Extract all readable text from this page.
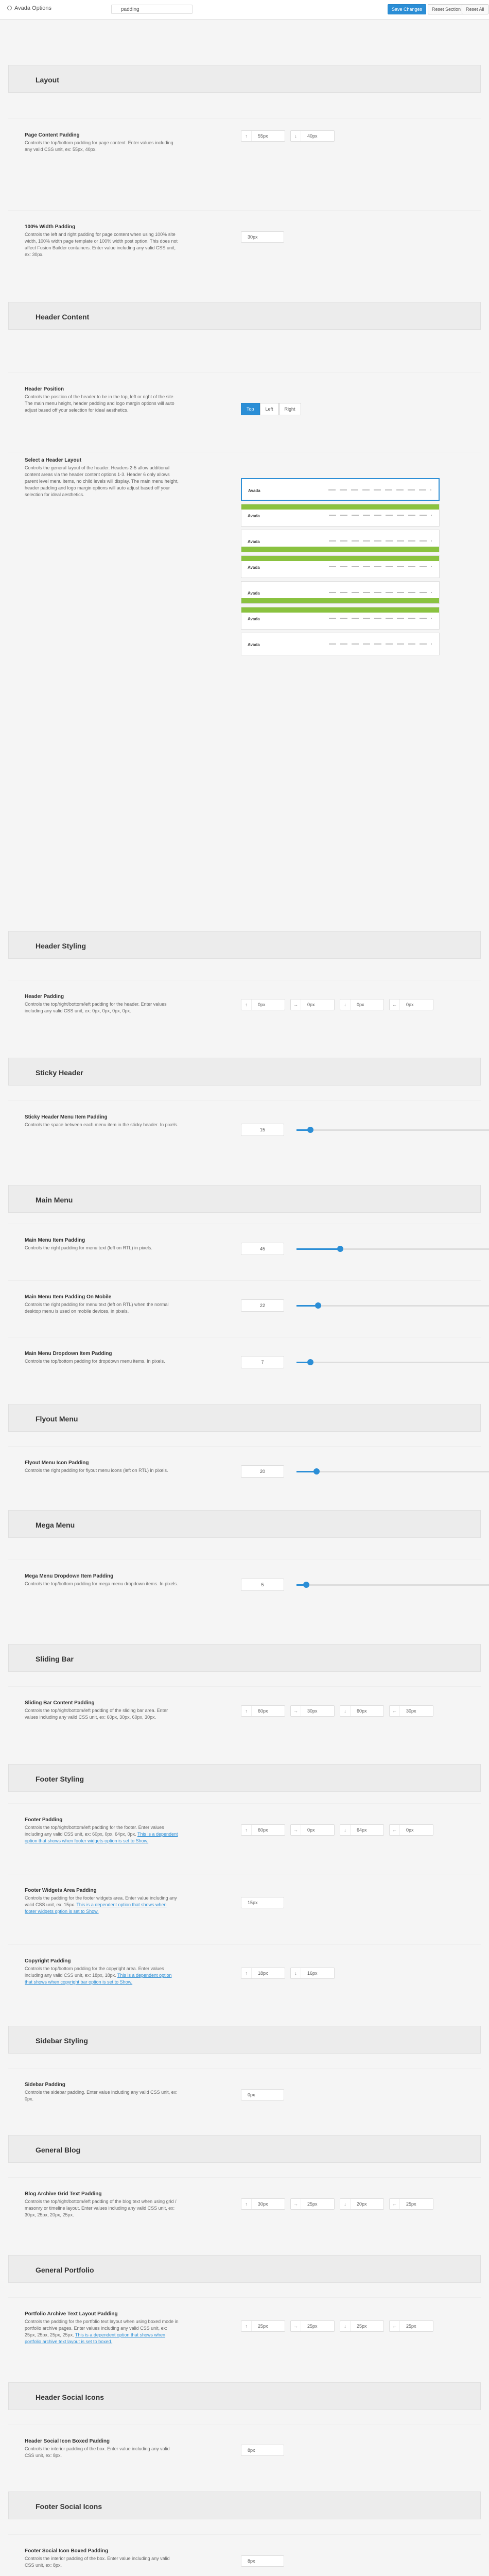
Avada Options
padding	Save Changes	Reset Section	Reset All
Layout
Page Content Padding
Controls the top/bottom padding for page content. Enter values including any valid CSS unit, ex: 55px, 40px.
↑	55px	↓	40px
100% Width Padding
Controls the left and right padding for page content when using 100% site width, 100% width page template or 100% width post option. This does not affect Fusion Builder containers. Enter value including any valid CSS unit, ex: 30px.
30px
Header Content
Header Position
Controls the position of the header to be in the top, left or right of the site. The main menu height, header padding and logo margin options will auto adjust based off your selection for ideal aesthetics.	Top	Left	Right
Select a Header Layout
Controls the general layout of the header. Headers 2-5 allow additional content areas via the header content options 1-3. Header 6 only allows parent level menu items, no child levels will display. The main menu height, header padding and logo margin options will auto adjust based off your selection for ideal aesthetics.
Avada
Avada
Avada
Avada
Avada
Avada
Avada
Header Styling
Header Padding
Controls the top/right/bottom/left padding for the header. Enter values including any valid CSS unit, ex: 0px, 0px, 0px, 0px.
↑	0px	→	0px	↓	0px	←	0px
Sticky Header
Sticky Header Menu Item Padding
Controls the space between each menu item in the sticky header. In pixels.
15
Main Menu
Main Menu Item Padding
Controls the right padding for menu text (left on RTL) in pixels.	45
Main Menu Item Padding On Mobile
Controls the right padding for menu text (left on RTL) when the normal desktop menu is used on mobile devices, in pixels.
22
Main Menu Dropdown Item Padding
Controls the top/bottom padding for dropdown menu items. In pixels.	7
Flyout Menu
Flyout Menu Icon Padding
Controls the right padding for flyout menu icons (left on RTL) in pixels.	20
Mega Menu
Mega Menu Dropdown Item Padding
Controls the top/bottom padding for mega menu dropdown items. In pixels.	5
Sliding Bar
Sliding Bar Content Padding
Controls the top/right/bottom/left padding of the sliding bar area. Enter values including any valid CSS unit, ex: 60px, 30px, 60px, 30px.
↑	60px	→	30px	↓	60px	←	30px
Footer Styling
Footer Padding
Controls the top/right/bottom/left padding for the footer. Enter values including any valid CSS unit, ex: 60px, 0px, 64px, 0px. This is a dependent option that shows when footer widgets option is set to Show.
↑	60px	→	0px	↓	64px	←	0px
Footer Widgets Area Padding
Controls the padding for the footer widgets area. Enter value including any valid CSS unit, ex: 15px. This is a dependent option that shows when footer widgets option is set to Show.
15px
Copyright Padding
Controls the top/bottom padding for the copyright area. Enter values including any valid CSS unit, ex: 18px, 18px. This is a dependent option that shows when copyright bar option is set to Show.
↑	18px	↓	16px
Sidebar Styling
Sidebar Padding
Controls the sidebar padding. Enter value including any valid CSS unit, ex: 0px.
0px
General Blog
Blog Archive Grid Text Padding
Controls the top/right/bottom/left padding of the blog text when using grid / masonry or timeline layout. Enter values including any valid CSS unit, ex: 30px, 25px, 20px, 25px.
↑	30px	→	25px	↓	20px	←	25px
General Portfolio
Portfolio Archive Text Layout Padding
Controls the padding for the portfolio text layout when using boxed mode in portfolio archive pages. Enter values including any valid CSS unit, ex: 25px, 25px, 25px, 25px. This is a dependent option that shows when portfolio archive text layout is set to boxed.
↑	25px	→	25px	↓	25px	←	25px
Header Social Icons
Header Social Icon Boxed Padding
Controls the interior padding of the box. Enter value including any valid CSS unit, ex: 8px.
8px
Footer Social Icons
Footer Social Icon Boxed Padding
Controls the interior padding of the box. Enter value including any valid CSS unit, ex: 8px.
8px
